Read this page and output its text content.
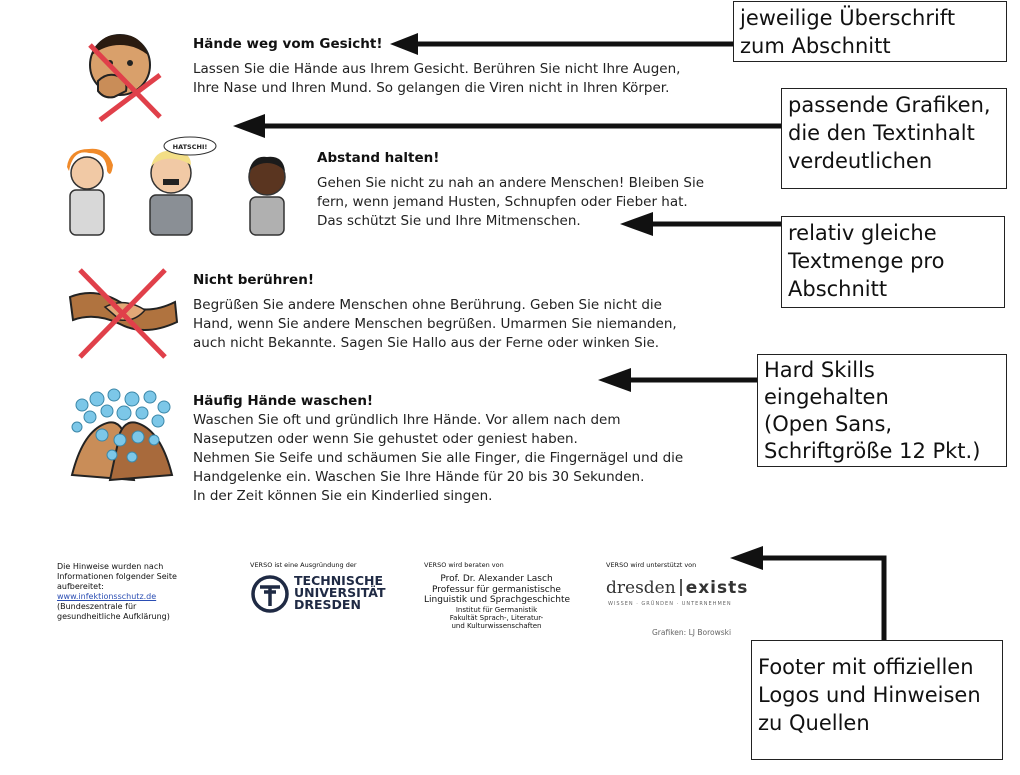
Hände weg vom Gesicht!
Lassen Sie die Hände aus Ihrem Gesicht. Berühren Sie nicht Ihre Augen,
Ihre Nase und Ihren Mund. So gelangen die Viren nicht in Ihren Körper.
HATSCHI!
Abstand halten!
Gehen Sie nicht zu nah an andere Menschen! Bleiben Sie
fern, wenn jemand Husten, Schnupfen oder Fieber hat.
Das schützt Sie und Ihre Mitmenschen.
Nicht berühren!
Begrüßen Sie andere Menschen ohne Berührung. Geben Sie nicht die
Hand, wenn Sie andere Menschen begrüßen. Umarmen Sie niemanden,
auch nicht Bekannte. Sagen Sie Hallo aus der Ferne oder winken Sie.
Häufig Hände waschen!
Waschen Sie oft und gründlich Ihre Hände. Vor allem nach dem
Naseputzen oder wenn Sie gehustet oder geniest haben.
Nehmen Sie Seife und schäumen Sie alle Finger, die Fingernägel und die
Handgelenke ein. Waschen Sie Ihre Hände für 20 bis 30 Sekunden.
In der Zeit können Sie ein Kinderlied singen.
Die Hinweise wurden nach
Informationen folgender Seite
aufbereitet:
www.infektionsschutz.de
(Bundeszentrale für
gesundheitliche Aufklärung)
VERSO ist eine Ausgründung der
TECHNISCHE
UNIVERSITÄT
DRESDEN
VERSO wird beraten von
Prof. Dr. Alexander Lasch
Professur für germanistische
Linguistik und Sprachgeschichte
Institut für Germanistik
Fakultät Sprach-, Literatur-
und Kulturwissenschaften
VERSO wird unterstützt von
dresden exists
WISSEN · GRÜNDEN · UNTERNEHMEN
Grafiken: LJ Borowski
jeweilige Überschrift
zum Abschnitt
passende Grafiken,
die den Textinhalt
verdeutlichen
relativ gleiche
Textmenge pro
Abschnitt
Hard Skills
eingehalten
(Open Sans,
Schriftgröße 12 Pkt.)
Footer mit offiziellen
Logos und Hinweisen
zu Quellen
